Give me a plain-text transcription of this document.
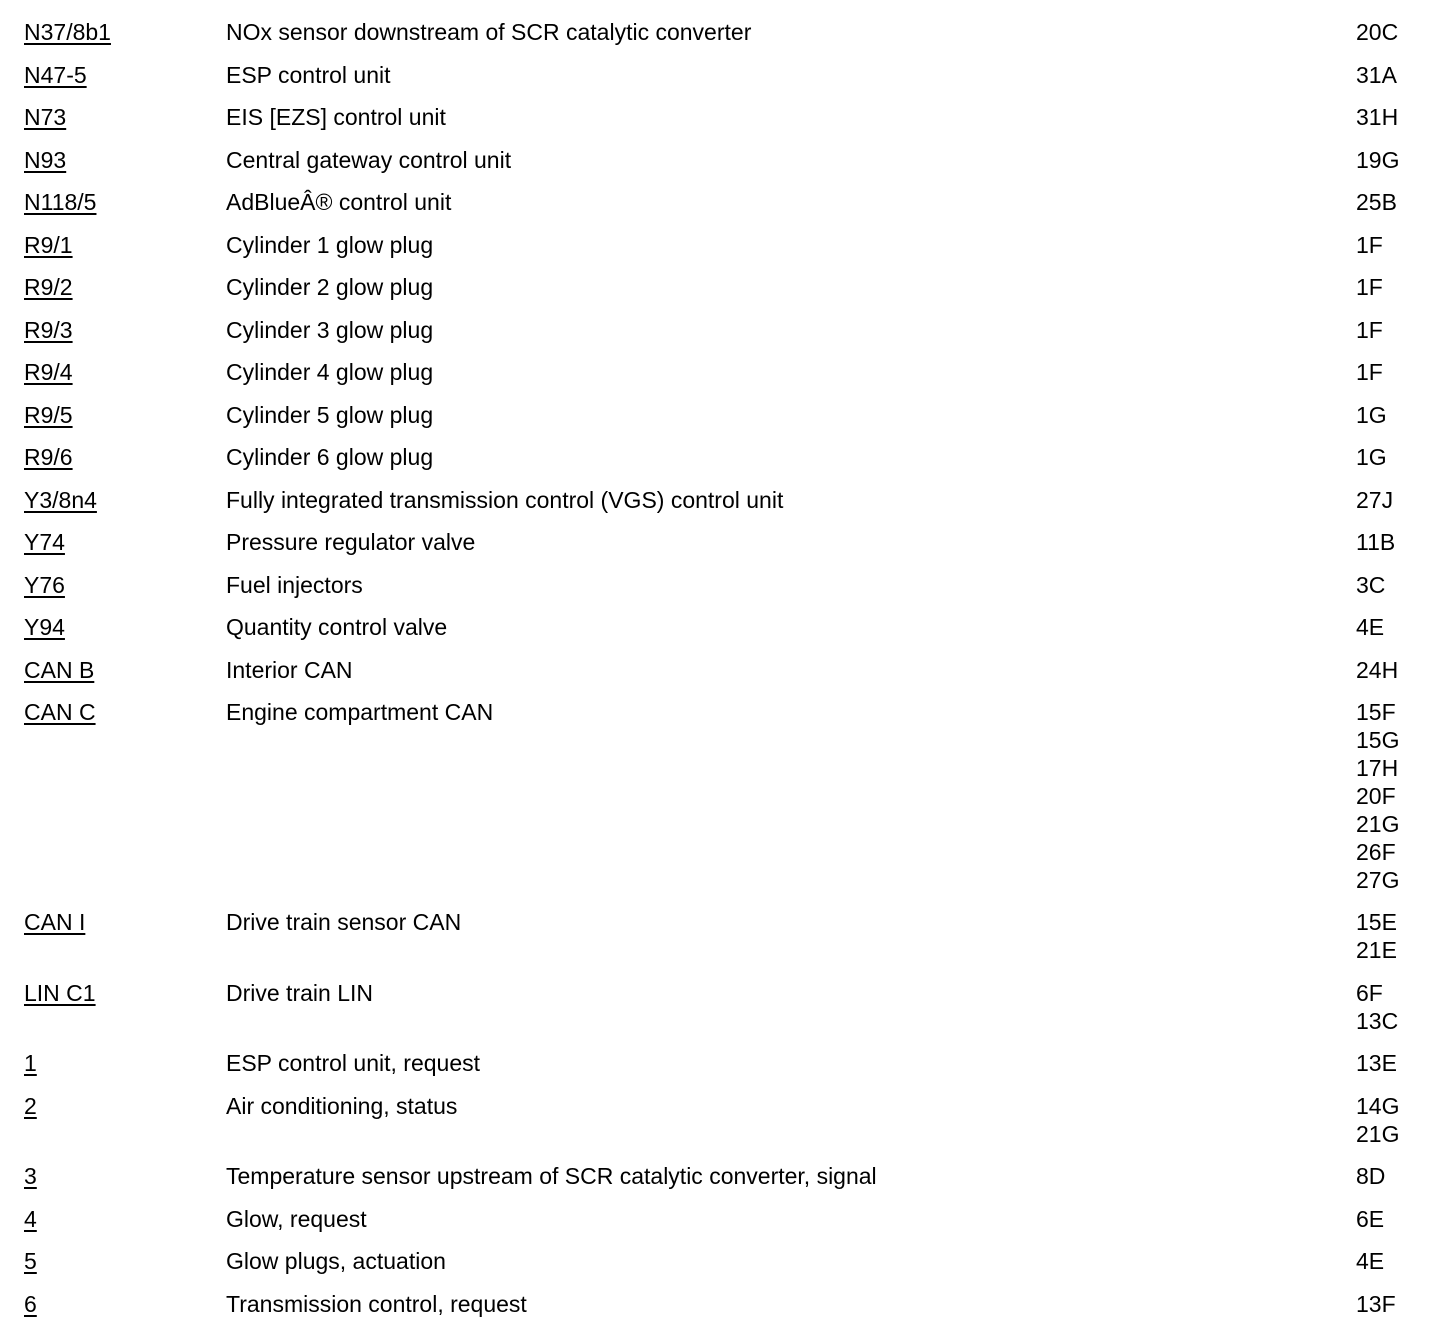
N37/8b1	NOx sensor downstream of SCR catalytic converter	20C
N47-5	ESP control unit	31A
N73	EIS [EZS] control unit	31H
N93	Central gateway control unit	19G
N118/5	AdBlueÂ® control unit	25B
R9/1	Cylinder 1 glow plug	1F
R9/2	Cylinder 2 glow plug	1F
R9/3	Cylinder 3 glow plug	1F
R9/4	Cylinder 4 glow plug	1F
R9/5	Cylinder 5 glow plug	1G
R9/6	Cylinder 6 glow plug	1G
Y3/8n4	Fully integrated transmission control (VGS) control unit	27J
Y74	Pressure regulator valve	11B
Y76	Fuel injectors	3C
Y94	Quantity control valve	4E
CAN B	Interior CAN	24H
CAN C	Engine compartment CAN	15F
15G
17H
20F
21G
26F
27G
CAN I	Drive train sensor CAN	15E
21E
LIN C1	Drive train LIN	6F
13C
1	ESP control unit, request	13E
2	Air conditioning, status	14G
21G
3	Temperature sensor upstream of SCR catalytic converter, signal	8D
4	Glow, request	6E
5	Glow plugs, actuation	4E
6	Transmission control, request	13F
